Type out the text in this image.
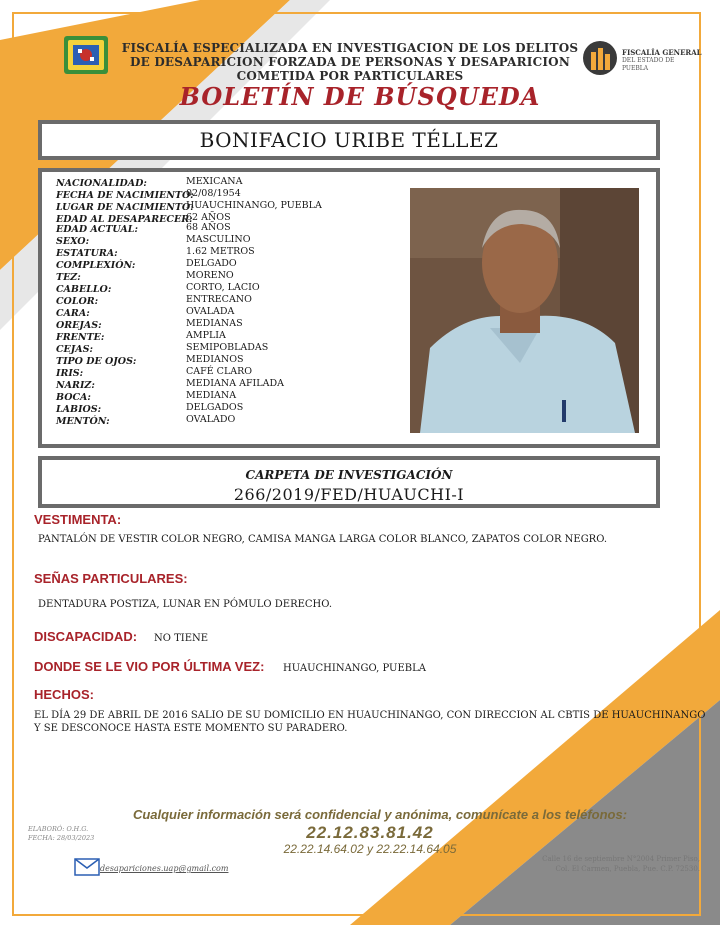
FISCALÍA ESPECIALIZADA EN INVESTIGACION DE LOS DELITOS
DE DESAPARICION FORZADA DE PERSONAS Y DESAPARICION
COMETIDA POR PARTICULARES
BOLETÍN DE BÚSQUEDA
FISCALÍA GENERAL
DEL ESTADO DE
PUEBLA
BONIFACIO URIBE TÉLLEZ
NACIONALIDAD:	MEXICANA
FECHA DE NACIMIENTO:
02/08/1954
LUGAR DE NACIMIENTO:
HUAUCHINANGO, PUEBLA
EDAD AL DESAPARECER:
62 AÑOS
EDAD ACTUAL:	68 AÑOS
SEXO:	MASCULINO
ESTATURA:	1.62 METROS
COMPLEXIÓN:	DELGADO
TEZ:	MORENO
CABELLO:	CORTO, LACIO
COLOR:	ENTRECANO
CARA:	OVALADA
OREJAS:	MEDIANAS
FRENTE:	AMPLIA
CEJAS:	SEMIPOBLADAS
TIPO DE OJOS:	MEDIANOS
IRIS:	CAFÉ CLARO
NARIZ:	MEDIANA AFILADA
BOCA:	MEDIANA
LABIOS:	DELGADOS
MENTÓN:	OVALADO
CARPETA DE INVESTIGACIÓN
266/2019/FED/HUAUCHI-I
VESTIMENTA:
PANTALÓN DE VESTIR COLOR NEGRO, CAMISA MANGA LARGA COLOR BLANCO, ZAPATOS COLOR NEGRO.
SEÑAS PARTICULARES:
DENTADURA POSTIZA, LUNAR EN PÓMULO DERECHO.
DISCAPACIDAD: NO TIENE
DONDE SE LE VIO POR ÚLTIMA VEZ: HUAUCHINANGO, PUEBLA
HECHOS:
EL DÍA 29 DE ABRIL DE 2016 SALIO DE SU DOMICILIO EN HUAUCHINANGO, CON DIRECCION AL CBTIS DE HUAUCHINANGO
Y SE DESCONOCE HASTA ESTE MOMENTO SU PARADERO.
Cualquier información será confidencial y anónima, comunícate a los teléfonos:
22.12.83.81.42
22.22.14.64.02 y 22.22.14.64.05
ELABORÓ: O.H.G.
FECHA: 28/03/2023
desapariciones.uap@gmail.com
Calle 16 de septiembre N°2004 Primer Piso,
Col. El Carmen, Puebla, Pue. C.P. 72530.
